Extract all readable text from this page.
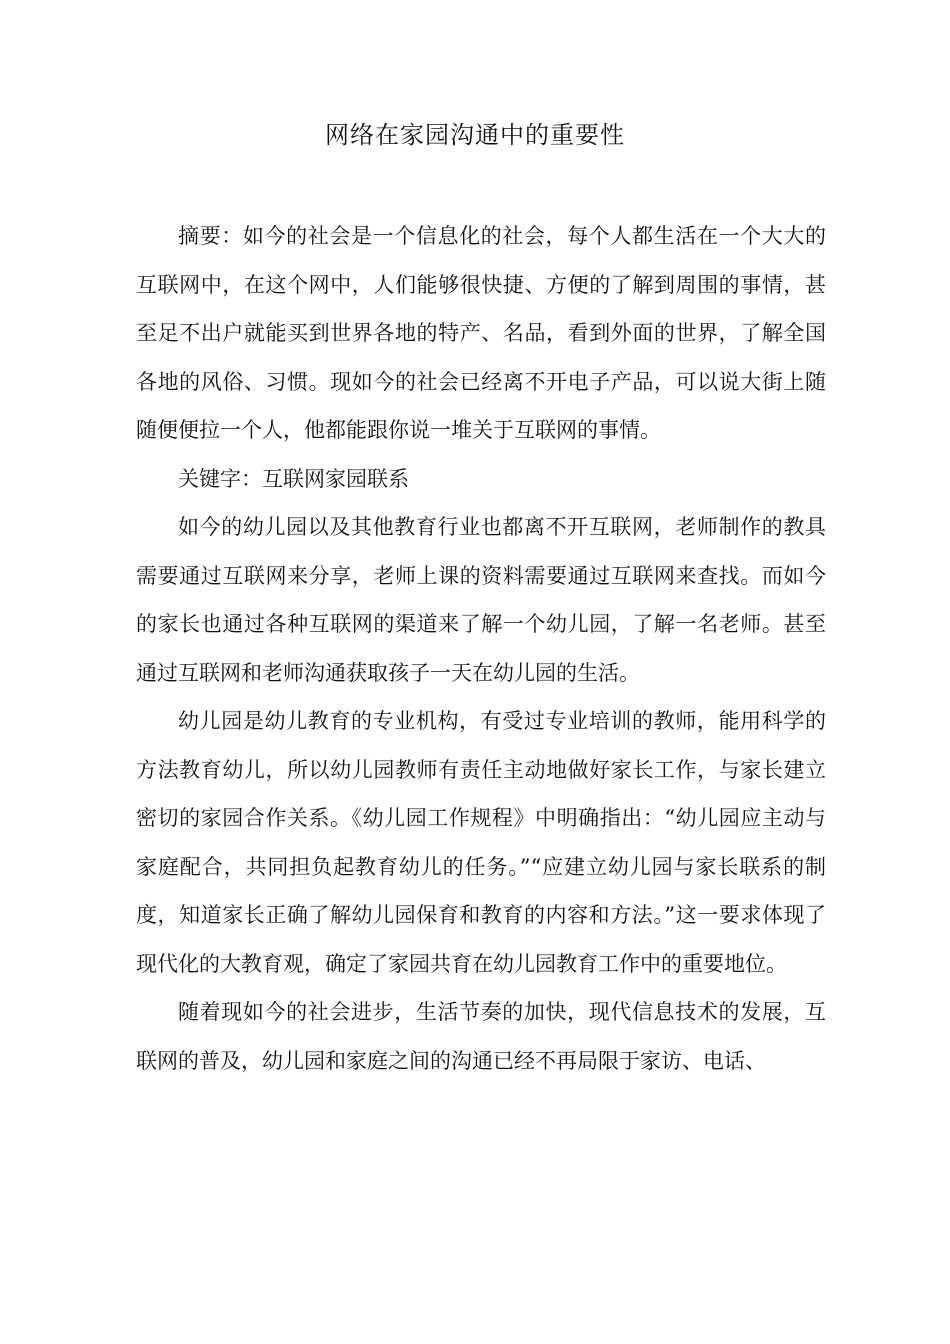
网络在家园沟通中的重要性

摘要：如今的社会是一个信息化的社会，每个人都生活在一个大大的互联网中，在这个网中，人们能够很快捷、方便的了解到周围的事情，甚至足不出户就能买到世界各地的特产、名品，看到外面的世界，了解全国各地的风俗、习惯。现如今的社会已经离不开电子产品，可以说大街上随随便便拉一个人，他都能跟你说一堆关于互联网的事情。

关键字：互联网家园联系

如今的幼儿园以及其他教育行业也都离不开互联网，老师制作的教具需要通过互联网来分享，老师上课的资料需要通过互联网来查找。而如今的家长也通过各种互联网的渠道来了解一个幼儿园，了解一名老师。甚至通过互联网和老师沟通获取孩子一天在幼儿园的生活。

幼儿园是幼儿教育的专业机构，有受过专业培训的教师，能用科学的方法教育幼儿，所以幼儿园教师有责任主动地做好家长工作，与家长建立密切的家园合作关系。《幼儿园工作规程》中明确指出：“幼儿园应主动与家庭配合，共同担负起教育幼儿的任务。”“应建立幼儿园与家长联系的制度，知道家长正确了解幼儿园保育和教育的内容和方法。”这一要求体现了现代化的大教育观，确定了家园共育在幼儿园教育工作中的重要地位。

随着现如今的社会进步，生活节奏的加快，现代信息技术的发展，互联网的普及，幼儿园和家庭之间的沟通已经不再局限于家访、电话、
